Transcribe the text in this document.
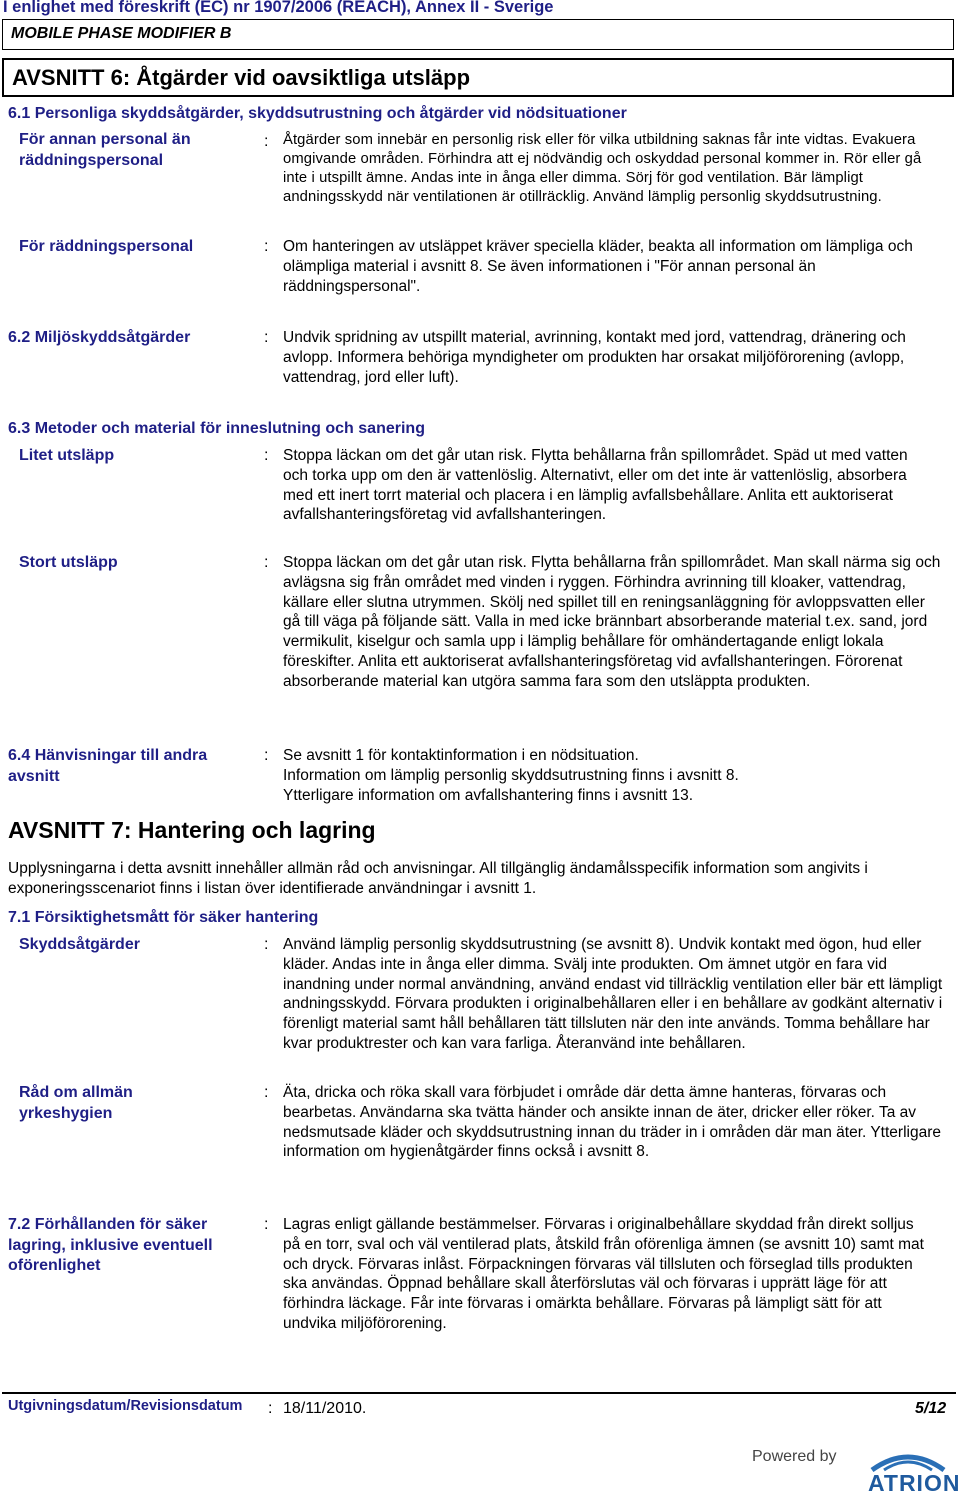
I enlighet med föreskrift (EC) nr 1907/2006 (REACH), Annex II - Sverige
MOBILE PHASE MODIFIER B
AVSNITT 6: Åtgärder vid oavsiktliga utsläpp
6.1 Personliga skyddsåtgärder, skyddsutrustning och åtgärder vid nödsituationer
För annan personal än räddningspersonal
: Åtgärder som innebär en personlig risk eller för vilka utbildning saknas får inte vidtas. Evakuera omgivande områden. Förhindra att ej nödvändig och oskyddad personal kommer in. Rör eller gå inte i utspillt ämne. Andas inte in ånga eller dimma. Sörj för god ventilation. Bär lämpligt andningsskydd när ventilationen är otillräcklig. Använd lämplig personlig skyddsutrustning.
För räddningspersonal	: Om hanteringen av utsläppet kräver speciella kläder, beakta all information om lämpliga och olämpliga material i avsnitt 8. Se även informationen i "För annan personal än räddningspersonal".
6.2 Miljöskyddsåtgärder	: Undvik spridning av utspillt material, avrinning, kontakt med jord, vattendrag, dränering och avlopp. Informera behöriga myndigheter om produkten har orsakat miljöförorening (avlopp, vattendrag, jord eller luft).
6.3 Metoder och material för inneslutning och sanering
Litet utsläpp	: Stoppa läckan om det går utan risk. Flytta behållarna från spillområdet. Späd ut med vatten och torka upp om den är vattenlöslig. Alternativt, eller om det inte är vattenlöslig, absorbera med ett inert torrt material och placera i en lämplig avfallsbehållare. Anlita ett auktoriserat avfallshanteringsföretag vid avfallshanteringen.
Stort utsläpp	: Stoppa läckan om det går utan risk. Flytta behållarna från spillområdet. Man skall närma sig och avlägsna sig från området med vinden i ryggen. Förhindra avrinning till kloaker, vattendrag, källare eller slutna utrymmen. Skölj ned spillet till en reningsanläggning för avloppsvatten eller gå till väga på följande sätt. Valla in med icke brännbart absorberande material t.ex. sand, jord vermikulit, kiselgur och samla upp i lämplig behållare för omhändertagande enligt lokala föreskifter. Anlita ett auktoriserat avfallshanteringsföretag vid avfallshanteringen. Förorenat absorberande material kan utgöra samma fara som den utsläppta produkten.
6.4 Hänvisningar till andra avsnitt
: Se avsnitt 1 för kontaktinformation i en nödsituation.
Information om lämplig personlig skyddsutrustning finns i avsnitt 8.
Ytterligare information om avfallshantering finns i avsnitt 13.
AVSNITT 7: Hantering och lagring
Upplysningarna i detta avsnitt innehåller allmän råd och anvisningar. All tillgänglig ändamålsspecifik information som angivits i exponeringsscenariot finns i listan över identifierade användningar i avsnitt 1.
7.1 Försiktighetsmått för säker hantering
Skyddsåtgärder	: Använd lämplig personlig skyddsutrustning (se avsnitt 8). Undvik kontakt med ögon, hud eller kläder. Andas inte in ånga eller dimma. Svälj inte produkten. Om ämnet utgör en fara vid inandning under normal användning, använd endast vid tillräcklig ventilation eller bär ett lämpligt andningsskydd. Förvara produkten i originalbehållaren eller i en behållare av godkänt alternativ i förenligt material samt håll behållaren tätt tillsluten när den inte används. Tomma behållare har kvar produktrester och kan vara farliga. Återanvänd inte behållaren.
Råd om allmän yrkeshygien
: Äta, dricka och röka skall vara förbjudet i område där detta ämne hanteras, förvaras och bearbetas. Användarna ska tvätta händer och ansikte innan de äter, dricker eller röker. Ta av nedsmutsade kläder och skyddsutrustning innan du träder in i områden där man äter. Ytterligare information om hygienåtgärder finns också i avsnitt 8.
7.2 Förhållanden för säker lagring, inklusive eventuell oförenlighet
: Lagras enligt gällande bestämmelser. Förvaras i originalbehållare skyddad från direkt solljus på en torr, sval och väl ventilerad plats, åtskild från oförenliga ämnen (se avsnitt 10) samt mat och dryck. Förvaras inlåst. Förpackningen förvaras väl tillsluten och förseglad tills produkten ska användas. Öppnad behållare skall återförslutas väl och förvaras i upprätt läge för att förhindra läckage. Får inte förvaras i omärkta behållare. Förvaras på lämpligt sätt för att undvika miljöförorening.
Utgivningsdatum/Revisionsdatum : 18/11/2010.	5/12
Powered by
ATRION
